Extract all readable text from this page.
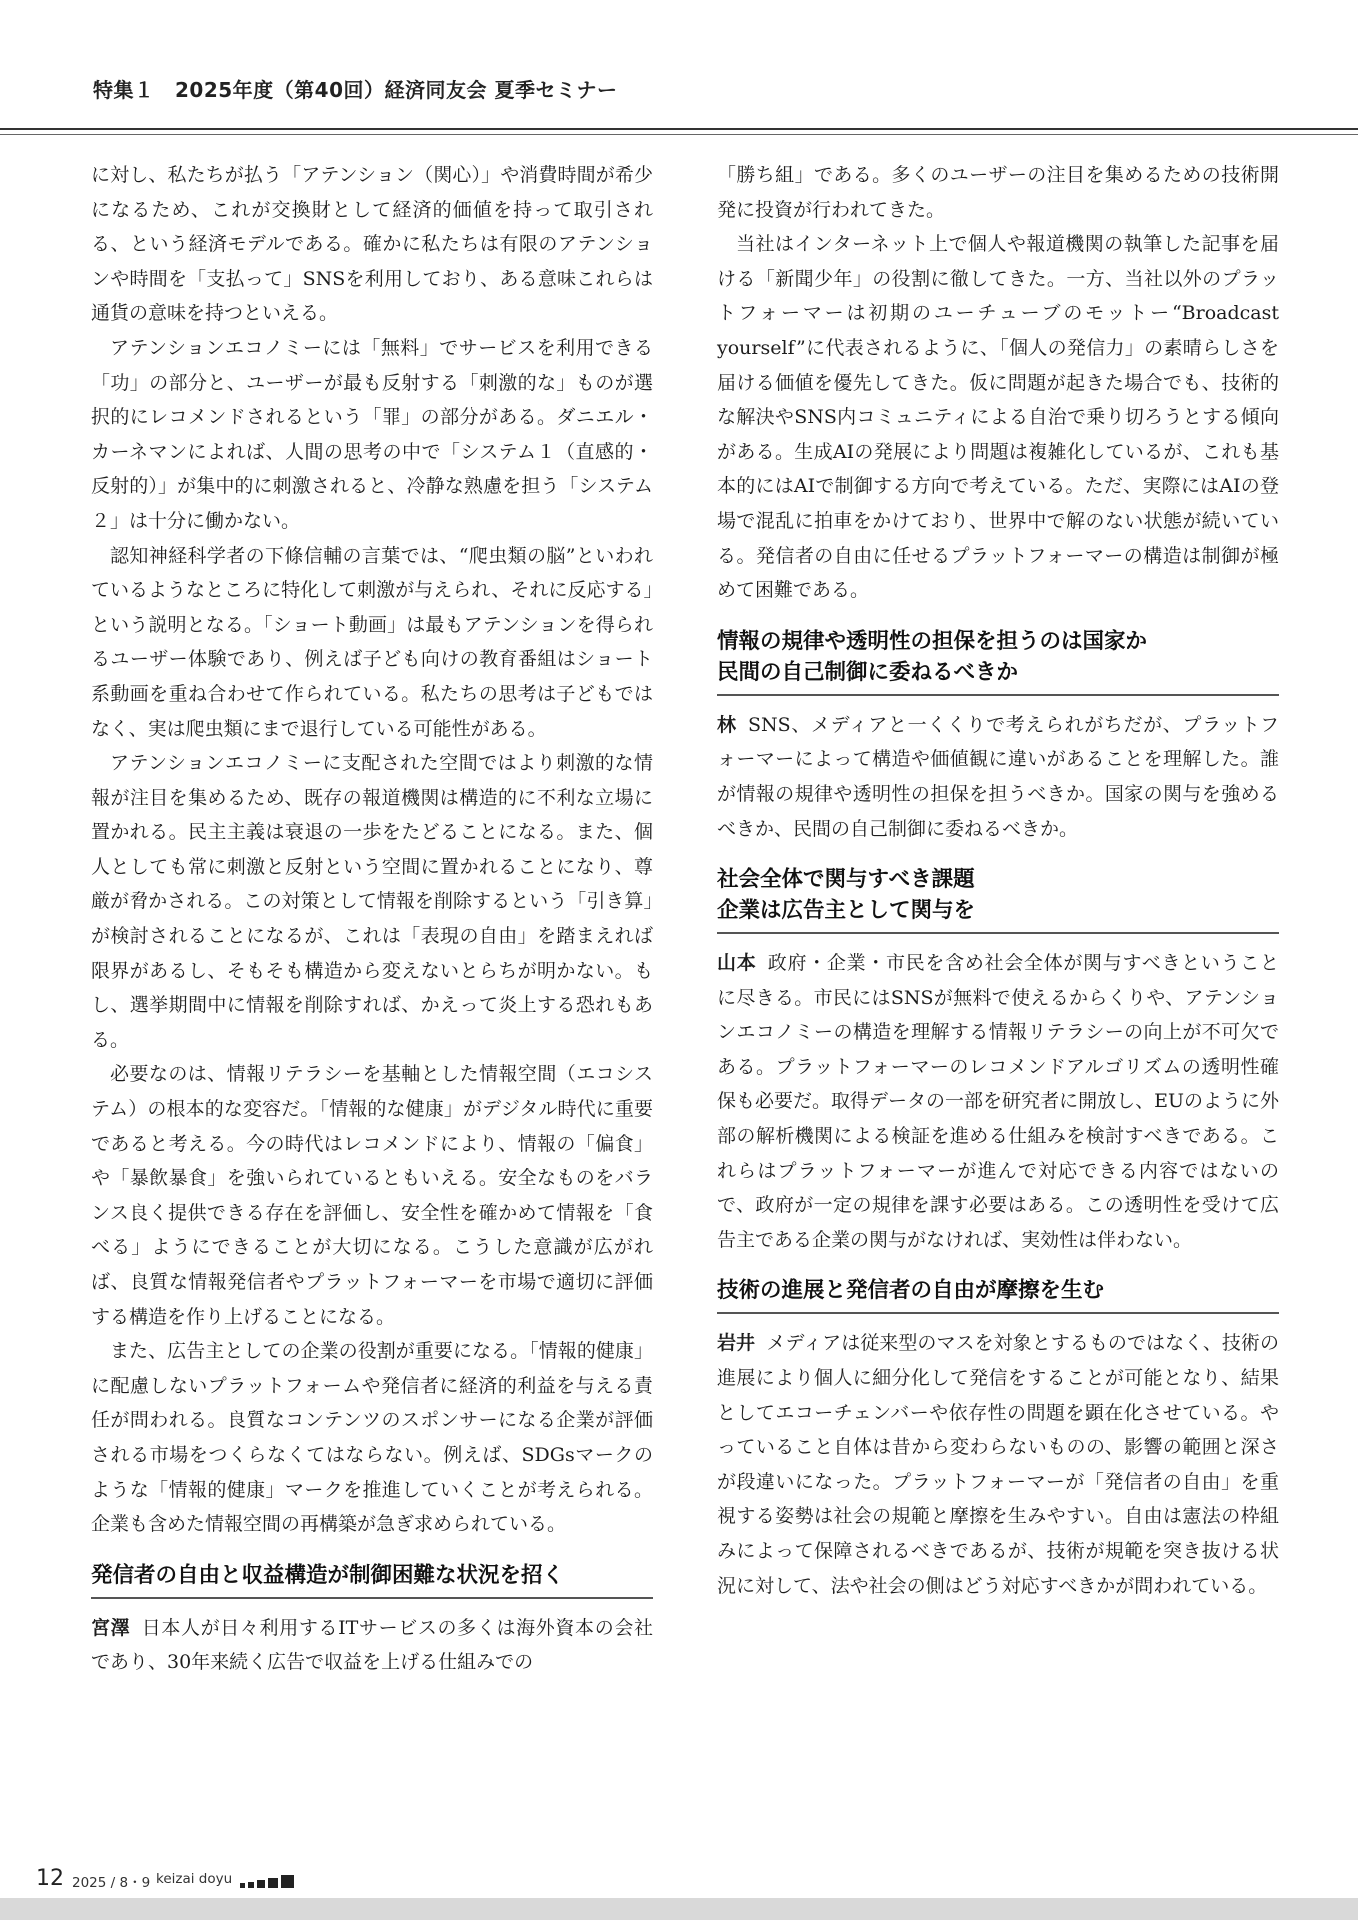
特集１　2025年度（第40回）経済同友会 夏季セミナー

に対し、私たちが払う「アテンション（関心）」や消費時間が希少になるため、これが交換財として経済的価値を持って取引される、という経済モデルである。確かに私たちは有限のアテンションや時間を「支払って」SNSを利用しており、ある意味これらは通貨の意味を持つといえる。

アテンションエコノミーには「無料」でサービスを利用できる「功」の部分と、ユーザーが最も反射する「刺激的な」ものが選択的にレコメンドされるという「罪」の部分がある。ダニエル・カーネマンによれば、人間の思考の中で「システム１（直感的・反射的）」が集中的に刺激されると、冷静な熟慮を担う「システム２」は十分に働かない。

認知神経科学者の下條信輔の言葉では、“爬虫類の脳”といわれているようなところに特化して刺激が与えられ、それに反応する」という説明となる。「ショート動画」は最もアテンションを得られるユーザー体験であり、例えば子ども向けの教育番組はショート系動画を重ね合わせて作られている。私たちの思考は子どもではなく、実は爬虫類にまで退行している可能性がある。

アテンションエコノミーに支配された空間ではより刺激的な情報が注目を集めるため、既存の報道機関は構造的に不利な立場に置かれる。民主主義は衰退の一歩をたどることになる。また、個人としても常に刺激と反射という空間に置かれることになり、尊厳が脅かされる。この対策として情報を削除するという「引き算」が検討されることになるが、これは「表現の自由」を踏まえれば限界があるし、そもそも構造から変えないとらちが明かない。もし、選挙期間中に情報を削除すれば、かえって炎上する恐れもある。

必要なのは、情報リテラシーを基軸とした情報空間（エコシステム）の根本的な変容だ。「情報的な健康」がデジタル時代に重要であると考える。今の時代はレコメンドにより、情報の「偏食」や「暴飲暴食」を強いられているともいえる。安全なものをバランス良く提供できる存在を評価し、安全性を確かめて情報を「食べる」ようにできることが大切になる。こうした意識が広がれば、良質な情報発信者やプラットフォーマーを市場で適切に評価する構造を作り上げることになる。

また、広告主としての企業の役割が重要になる。「情報的健康」に配慮しないプラットフォームや発信者に経済的利益を与える責任が問われる。良質なコンテンツのスポンサーになる企業が評価される市場をつくらなくてはならない。例えば、SDGsマークのような「情報的健康」マークを推進していくことが考えられる。企業も含めた情報空間の再構築が急ぎ求められている。

発信者の自由と収益構造が制御困難な状況を招く

宮澤 日本人が日々利用するITサービスの多くは海外資本の会社であり、30年来続く広告で収益を上げる仕組みでの

「勝ち組」である。多くのユーザーの注目を集めるための技術開発に投資が行われてきた。

当社はインターネット上で個人や報道機関の執筆した記事を届ける「新聞少年」の役割に徹してきた。一方、当社以外のプラットフォーマーは初期のユーチューブのモットー“Broadcast yourself”に代表されるように、「個人の発信力」の素晴らしさを届ける価値を優先してきた。仮に問題が起きた場合でも、技術的な解決やSNS内コミュニティによる自治で乗り切ろうとする傾向がある。生成AIの発展により問題は複雑化しているが、これも基本的にはAIで制御する方向で考えている。ただ、実際にはAIの登場で混乱に拍車をかけており、世界中で解のない状態が続いている。発信者の自由に任せるプラットフォーマーの構造は制御が極めて困難である。

情報の規律や透明性の担保を担うのは国家か
民間の自己制御に委ねるべきか

林 SNS、メディアと一くくりで考えられがちだが、プラットフォーマーによって構造や価値観に違いがあることを理解した。誰が情報の規律や透明性の担保を担うべきか。国家の関与を強めるべきか、民間の自己制御に委ねるべきか。

社会全体で関与すべき課題
企業は広告主として関与を

山本 政府・企業・市民を含め社会全体が関与すべきということに尽きる。市民にはSNSが無料で使えるからくりや、アテンションエコノミーの構造を理解する情報リテラシーの向上が不可欠である。プラットフォーマーのレコメンドアルゴリズムの透明性確保も必要だ。取得データの一部を研究者に開放し、EUのように外部の解析機関による検証を進める仕組みを検討すべきである。これらはプラットフォーマーが進んで対応できる内容ではないので、政府が一定の規律を課す必要はある。この透明性を受けて広告主である企業の関与がなければ、実効性は伴わない。

技術の進展と発信者の自由が摩擦を生む

岩井 メディアは従来型のマスを対象とするものではなく、技術の進展により個人に細分化して発信をすることが可能となり、結果としてエコーチェンバーや依存性の問題を顕在化させている。やっていること自体は昔から変わらないものの、影響の範囲と深さが段違いになった。プラットフォーマーが「発信者の自由」を重視する姿勢は社会の規範と摩擦を生みやすい。自由は憲法の枠組みによって保障されるべきであるが、技術が規範を突き抜ける状況に対して、法や社会の側はどう対応すべきかが問われている。

12 2025 / 8・9 keizai doyu
